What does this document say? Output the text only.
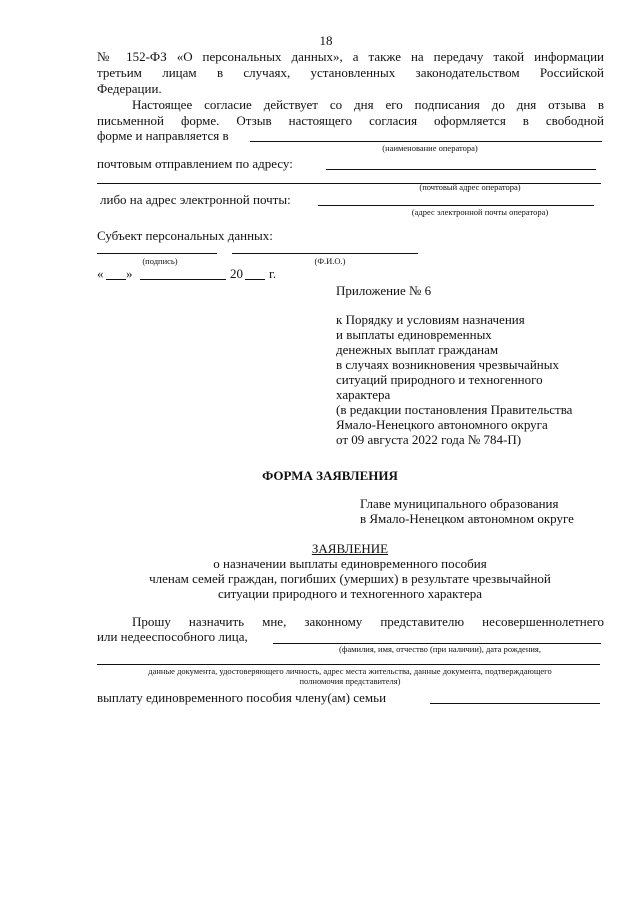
18
№ 152-ФЗ «О персональных данных», а также на передачу такой информации
третьим лицам в случаях, установленных законодательством Российской
Федерации.
Настоящее согласие действует со дня его подписания до дня отзыва в
письменной форме. Отзыв настоящего согласия оформляется в свободной
форме и направляется в
(наименование оператора)
почтовым отправлением по адресу:
(почтовый адрес оператора)
либо на адрес электронной почты:
(адрес электронной почты оператора)
Субъект персональных данных:
(подпись)	(Ф.И.О.)
« »	20 г.
Приложение № 6
к Порядку и условиям назначения
и выплаты единовременных
денежных выплат гражданам
в случаях возникновения чрезвычайных
ситуаций природного и техногенного
характера
(в редакции постановления Правительства
Ямало-Ненецкого автономного округа
от 09 августа 2022 года № 784-П)
ФОРМА ЗАЯВЛЕНИЯ
Главе муниципального образования
в Ямало-Ненецком автономном округе
ЗАЯВЛЕНИЕ
о назначении выплаты единовременного пособия
членам семей граждан, погибших (умерших) в результате чрезвычайной
ситуации природного и техногенного характера
Прошу назначить мне, законному представителю несовершеннолетнего
или недееспособного лица,
(фамилия, имя, отчество (при наличии), дата рождения,
данные документа, удостоверяющего личность, адрес места жительства, данные документа, подтверждающего
полномочия представителя)
выплату единовременного пособия члену(ам) семьи
